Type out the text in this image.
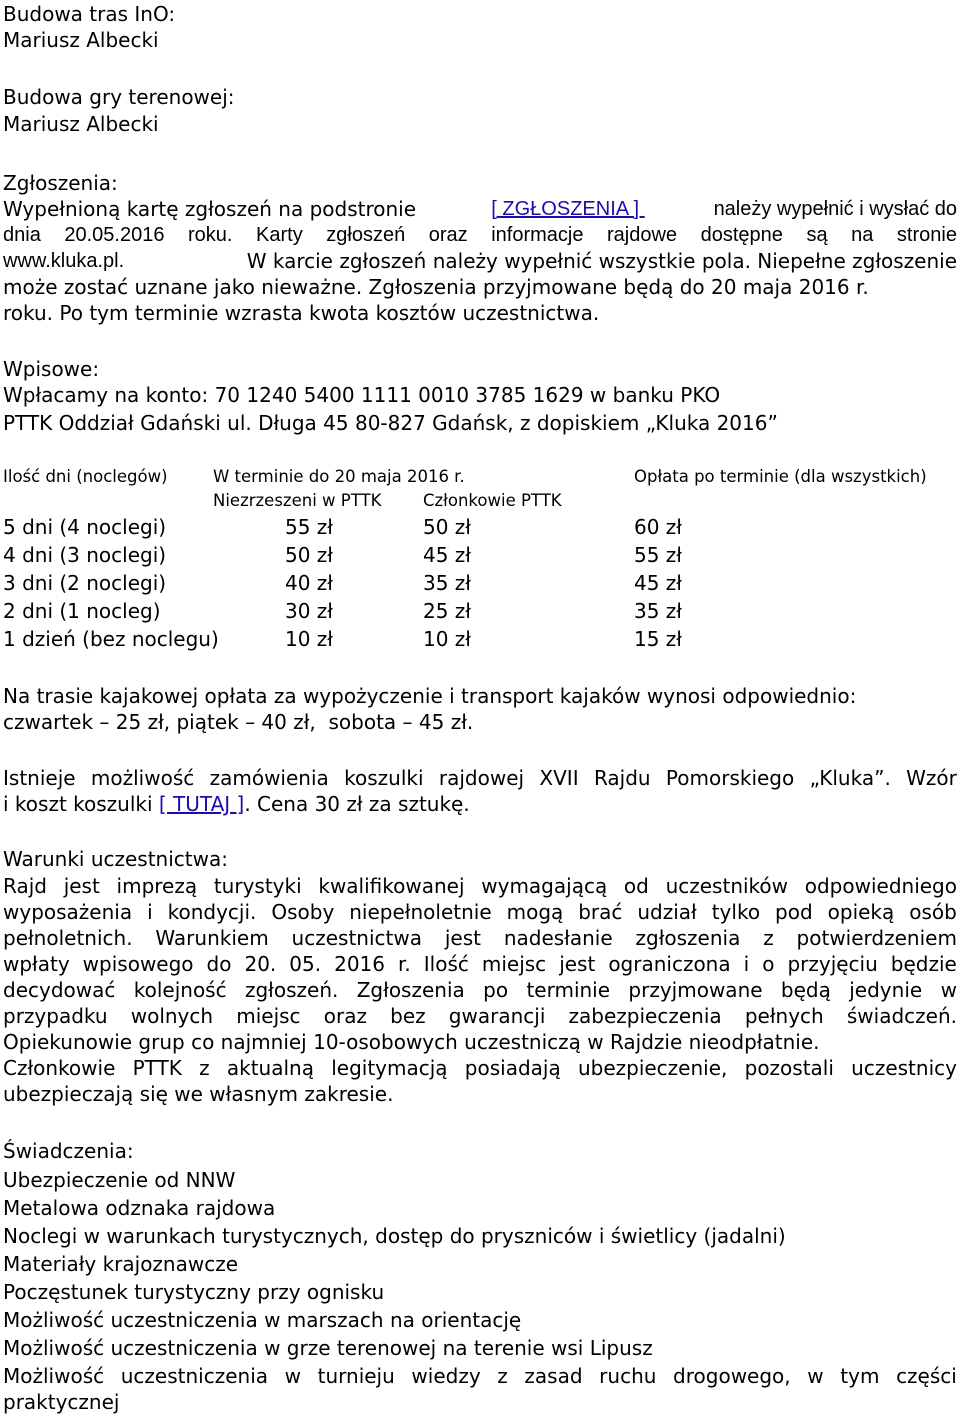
Budowa tras InO:
Mariusz Albecki
Budowa gry terenowej:
Mariusz Albecki
Zgłoszenia:
Wypełnioną kartę zgłoszeń na podstronie	[ ZGŁOSZENIA ]	należy wypełnić i wysłać do
dnia 20.05.2016 roku. Karty zgłoszeń oraz informacje rajdowe dostępne są na stronie
www.kluka.pl.	W karcie zgłoszeń należy wypełnić wszystkie pola. Niepełne zgłoszenie
może zostać uznane jako nieważne. Zgłoszenia przyjmowane będą do 20 maja 2016 r.
roku. Po tym terminie wzrasta kwota kosztów uczestnictwa.
Wpisowe:
Wpłacamy na konto: 70 1240 5400 1111 0010 3785 1629 w banku PKO
PTTK Oddział Gdański ul. Długa 45 80-827 Gdańsk, z dopiskiem „Kluka 2016”
Ilość dni (noclegów)	W terminie do 20 maja 2016 r.	Opłata po terminie (dla wszystkich)
Niezrzeszeni w PTTK	Członkowie PTTK
5 dni (4 noclegi)	55 zł	50 zł	60 zł
4 dni (3 noclegi)	50 zł	45 zł	55 zł
3 dni (2 noclegi)	40 zł	35 zł	45 zł
2 dni (1 nocleg)	30 zł	25 zł	35 zł
1 dzień (bez noclegu)	10 zł	10 zł	15 zł
Na trasie kajakowej opłata za wypożyczenie i transport kajaków wynosi odpowiednio:
czwartek – 25 zł, piątek – 40 zł,  sobota – 45 zł.
Istnieje możliwość zamówienia koszulki rajdowej XVII Rajdu Pomorskiego „Kluka”. Wzór
i koszt koszulki [ TUTAJ ] . Cena 30 zł za sztukę.
Warunki uczestnictwa:
Rajd jest imprezą turystyki kwalifikowanej wymagającą od uczestników odpowiedniego
wyposażenia i kondycji. Osoby niepełnoletnie mogą brać udział tylko pod opieką osób
pełnoletnich. Warunkiem uczestnictwa jest nadesłanie zgłoszenia z potwierdzeniem
wpłaty wpisowego do 20. 05. 2016 r. Ilość miejsc jest ograniczona i o przyjęciu będzie
decydować kolejność zgłoszeń. Zgłoszenia po terminie przyjmowane będą jedynie w
przypadku wolnych miejsc oraz bez gwarancji zabezpieczenia pełnych świadczeń.
Opiekunowie grup co najmniej 10-osobowych uczestniczą w Rajdzie nieodpłatnie.
Członkowie PTTK z aktualną legitymacją posiadają ubezpieczenie, pozostali uczestnicy
ubezpieczają się we własnym zakresie.
Świadczenia:
Ubezpieczenie od NNW
Metalowa odznaka rajdowa
Noclegi w warunkach turystycznych, dostęp do pryszniców i świetlicy (jadalni)
Materiały krajoznawcze
Poczęstunek turystyczny przy ognisku
Możliwość uczestniczenia w marszach na orientację
Możliwość uczestniczenia w grze terenowej na terenie wsi Lipusz
Możliwość uczestniczenia w turnieju wiedzy z zasad ruchu drogowego, w tym części
praktycznej
